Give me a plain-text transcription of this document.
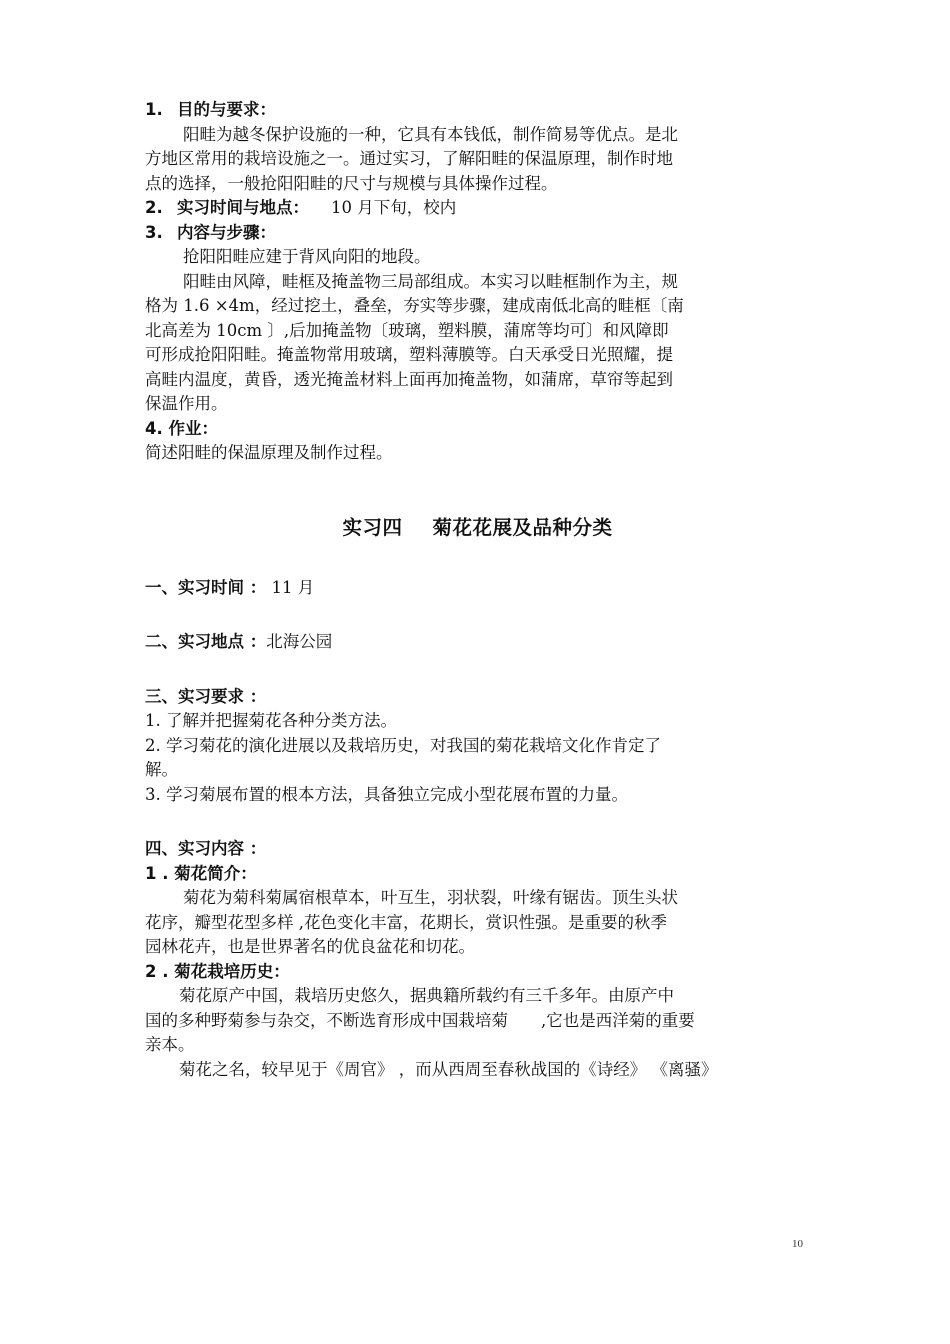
1. 目的与要求：
阳畦为越冬保护设施的一种，它具有本钱低，制作简易等优点。是北
方地区常用的栽培设施之一。通过实习，了解阳畦的保温原理，制作时地
点的选择，一般抢阳阳畦的尺寸与规模与具体操作过程。
2. 实习时间与地点： 10 月下旬，校内
3. 内容与步骤：
抢阳阳畦应建于背风向阳的地段。
阳畦由风障，畦框及掩盖物三局部组成。本实习以畦框制作为主，规
格为 1.6 ×4m，经过挖土，叠垒，夯实等步骤，建成南低北高的畦框〔南
北高差为 10cm 〕,后加掩盖物〔玻璃，塑料膜，蒲席等均可〕和风障即
可形成抢阳阳畦。掩盖物常用玻璃，塑料薄膜等。白天承受日光照耀，提
高畦内温度，黄昏，透光掩盖材料上面再加掩盖物，如蒲席，草帘等起到
保温作用。
4. 作业：
简述阳畦的保温原理及制作过程。
实习四 菊花花展及品种分类
一、实习时间 ： 11 月
二、实习地点 ：北海公园
三、实习要求 ：
1. 了解并把握菊花各种分类方法。
2. 学习菊花的演化进展以及栽培历史，对我国的菊花栽培文化作肯定了
解。
3. 学习菊展布置的根本方法，具备独立完成小型花展布置的力量。
四、实习内容 ：
1 . 菊花简介：
菊花为菊科菊属宿根草本，叶互生，羽状裂，叶缘有锯齿。顶生头状
花序，瓣型花型多样 ,花色变化丰富，花期长，赏识性强。是重要的秋季
园林花卉，也是世界著名的优良盆花和切花。
2 . 菊花栽培历史：
菊花原产中国，栽培历史悠久，据典籍所载约有三千多年。由原产中
国的多种野菊参与杂交，不断选育形成中国栽培菊　　,它也是西洋菊的重要
亲本。
菊花之名，较早见于《周官》 ，而从西周至春秋战国的《诗经》 《离骚》
10
